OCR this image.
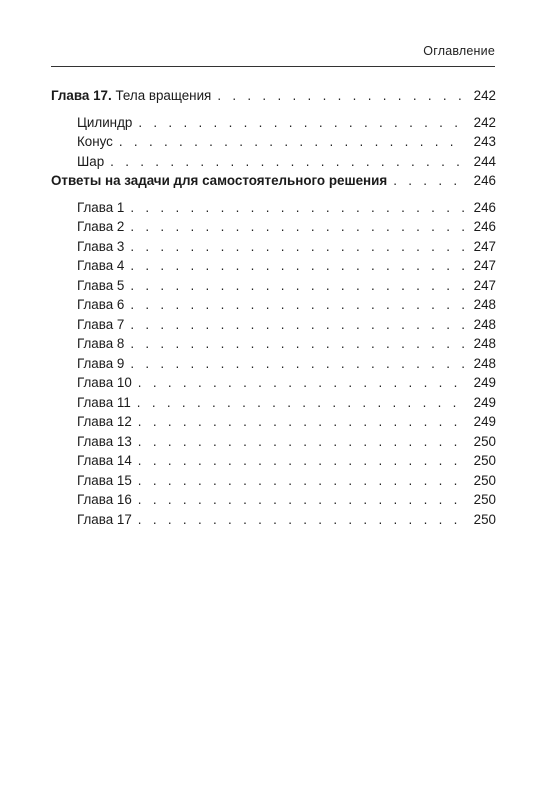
Оглавление
Глава 17. Тела вращения . . .	242
Цилиндр . . .	242
Конус . . .	243
Шар . . .	244
Ответы на задачи для самостоятельного решения . . .	246
Глава 1 . . .	246
Глава 2 . . .	246
Глава 3 . . .	247
Глава 4 . . .	247
Глава 5 . . .	247
Глава 6 . . .	248
Глава 7 . . .	248
Глава 8 . . .	248
Глава 9 . . .	248
Глава 10 . . .	249
Глава 11 . . .	249
Глава 12 . . .	249
Глава 13 . . .	250
Глава 14 . . .	250
Глава 15 . . .	250
Глава 16 . . .	250
Глава 17 . . .	250
